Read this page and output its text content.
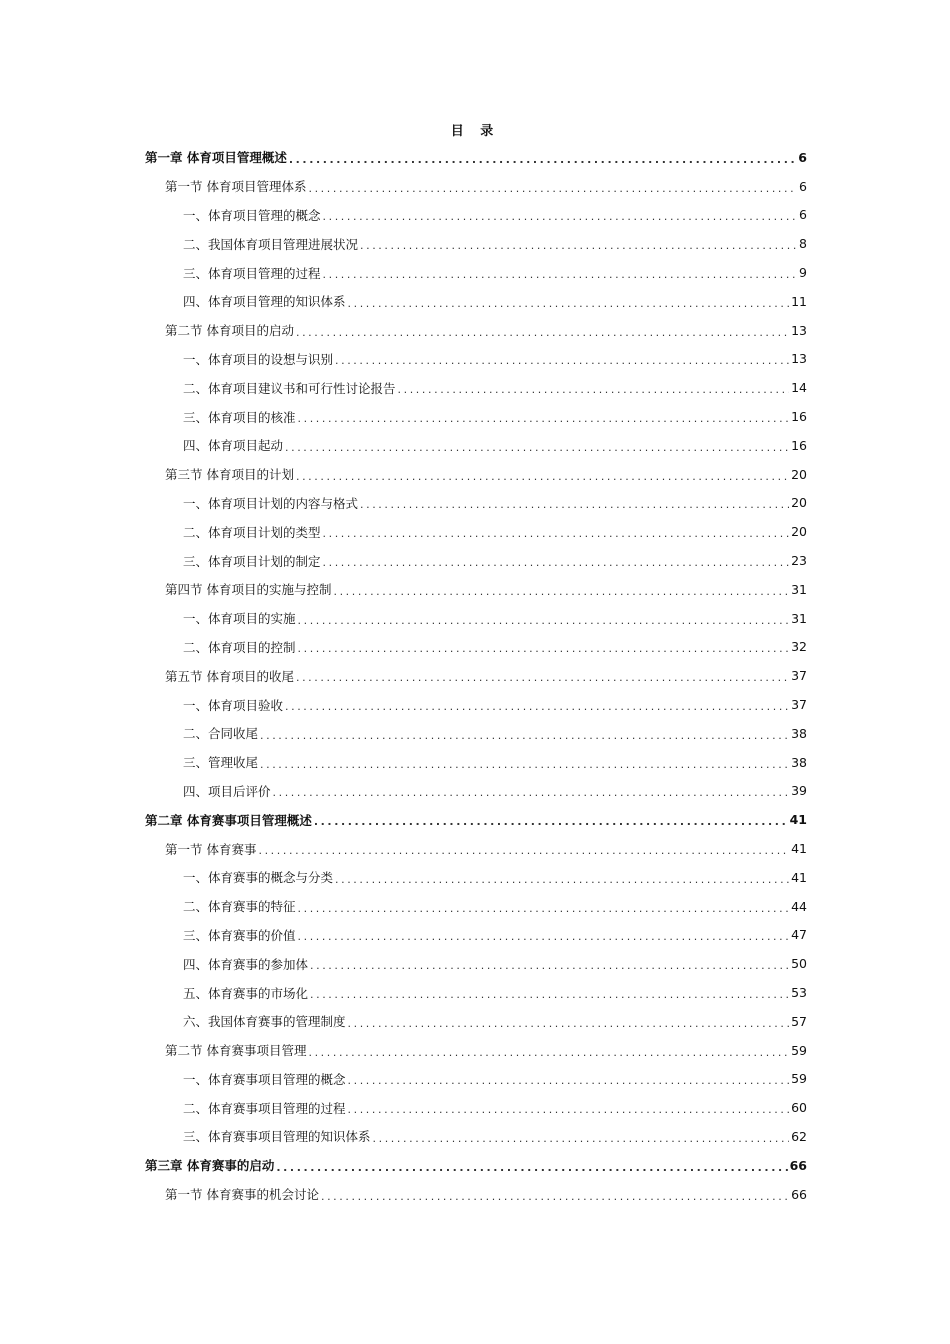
目 录
第一章 体育项目管理概述 .....	6
第一节 体育项目管理体系 .....	6
一、体育项目管理的概念 .....	6
二、我国体育项目管理进展状况 .....	8
三、体育项目管理的过程 .....	9
四、体育项目管理的知识体系 .....	11
第二节 体育项目的启动 .....	13
一、体育项目的设想与识别 .....	13
二、体育项目建议书和可行性讨论报告 .....	14
三、体育项目的核准 .....	16
四、体育项目起动 .....	16
第三节 体育项目的计划 .....	20
一、体育项目计划的内容与格式 .....	20
二、体育项目计划的类型 .....	20
三、体育项目计划的制定 .....	23
第四节 体育项目的实施与控制 .....	31
一、体育项目的实施 .....	31
二、体育项目的控制 .....	32
第五节 体育项目的收尾 .....	37
一、体育项目验收 .....	37
二、合同收尾 .....	38
三、管理收尾 .....	38
四、项目后评价 .....	39
第二章 体育赛事项目管理概述 .....	41
第一节 体育赛事 .....	41
一、体育赛事的概念与分类 .....	41
二、体育赛事的特征 .....	44
三、体育赛事的价值 .....	47
四、体育赛事的参加体 .....	50
五、体育赛事的市场化 .....	53
六、我国体育赛事的管理制度 .....	57
第二节 体育赛事项目管理 .....	59
一、体育赛事项目管理的概念 .....	59
二、体育赛事项目管理的过程 .....	60
三、体育赛事项目管理的知识体系 .....	62
第三章 体育赛事的启动 .....	66
第一节 体育赛事的机会讨论 .....	66
